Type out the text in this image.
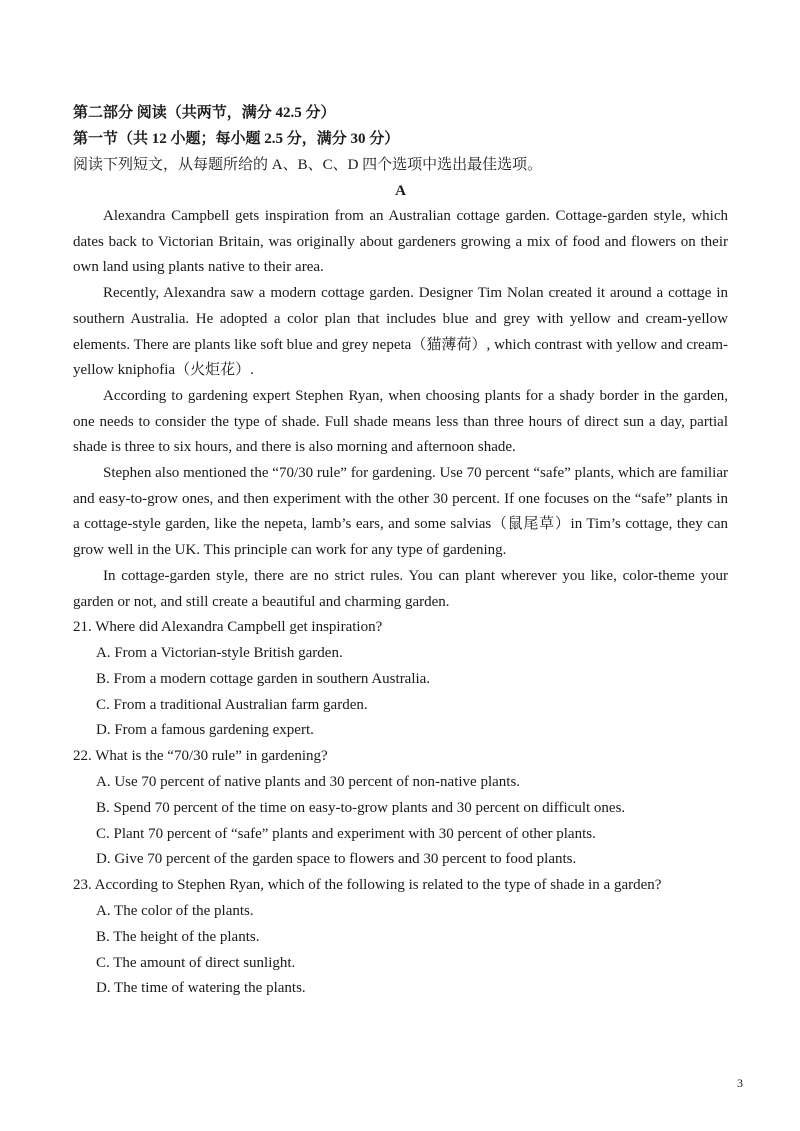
第二部分 阅读（共两节，满分 42.5 分）
第一节（共 12 小题；每小题 2.5 分，满分 30 分）
阅读下列短文，从每题所给的 A、B、C、D 四个选项中选出最佳选项。
A

Alexandra Campbell gets inspiration from an Australian cottage garden. Cottage-garden style, which dates back to Victorian Britain, was originally about gardeners growing a mix of food and flowers on their own land using plants native to their area.

Recently, Alexandra saw a modern cottage garden. Designer Tim Nolan created it around a cottage in southern Australia. He adopted a color plan that includes blue and grey with yellow and cream-yellow elements. There are plants like soft blue and grey nepeta（猫薄荷）, which contrast with yellow and cream-yellow kniphofia（火炬花）.

According to gardening expert Stephen Ryan, when choosing plants for a shady border in the garden, one needs to consider the type of shade. Full shade means less than three hours of direct sun a day, partial shade is three to six hours, and there is also morning and afternoon shade.

Stephen also mentioned the “70/30 rule” for gardening. Use 70 percent “safe” plants, which are familiar and easy-to-grow ones, and then experiment with the other 30 percent. If one focuses on the “safe” plants in a cottage-style garden, like the nepeta, lamb’s ears, and some salvias（鼠尾草）in Tim’s cottage, they can grow well in the UK. This principle can work for any type of gardening.

In cottage-garden style, there are no strict rules. You can plant wherever you like, color-theme your garden or not, and still create a beautiful and charming garden.

21. Where did Alexandra Campbell get inspiration?

A. From a Victorian-style British garden.

B. From a modern cottage garden in southern Australia.

C. From a traditional Australian farm garden.

D. From a famous gardening expert.

22. What is the “70/30 rule” in gardening?

A. Use 70 percent of native plants and 30 percent of non-native plants.

B. Spend 70 percent of the time on easy-to-grow plants and 30 percent on difficult ones.

C. Plant 70 percent of “safe” plants and experiment with 30 percent of other plants.

D. Give 70 percent of the garden space to flowers and 30 percent to food plants.

23. According to Stephen Ryan, which of the following is related to the type of shade in a garden?

A. The color of the plants.

B. The height of the plants.

C. The amount of direct sunlight.

D. The time of watering the plants.

3
